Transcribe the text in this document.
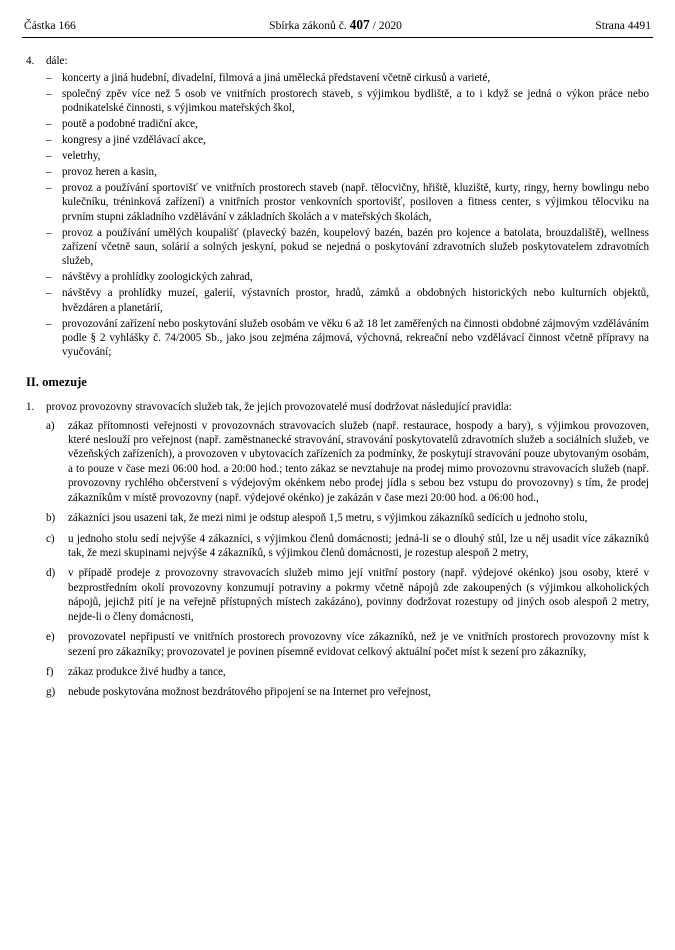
Částka 166	Sbírka zákonů č. 407 / 2020	Strana 4491
4.	dále:
– koncerty a jiná hudební, divadelní, filmová a jiná umělecká představení včetně cirkusů a varieté,
– společný zpěv více než 5 osob ve vnitřních prostorech staveb, s výjimkou bydliště, a to i když se jedná o výkon práce nebo podnikatelské činnosti, s výjimkou mateřských škol,
– poutě a podobné tradiční akce,
– kongresy a jiné vzdělávací akce,
– veletrhy,
– provoz heren a kasin,
– provoz a používání sportovišť ve vnitřních prostorech staveb (např. tělocvičny, hřiště, kluziště, kurty, ringy, herny bowlingu nebo kulečníku, tréninková zařízení) a vnitřních prostor venkovních sportovišť, posiloven a fitness center, s výjimkou tělocviku na prvním stupni základního vzdělávání v základních školách a v mateřských školách,
– provoz a používání umělých koupališť (plavecký bazén, koupelový bazén, bazén pro kojence a batolata, brouzdaliště), wellness zařízení včetně saun, solárií a solných jeskyní, pokud se nejedná o poskytování zdravotních služeb poskytovatelem zdravotních služeb,
– návštěvy a prohlídky zoologických zahrad,
– návštěvy a prohlídky muzeí, galerií, výstavních prostor, hradů, zámků a obdobných historických nebo kulturních objektů, hvězdáren a planetárií,
– provozování zařízení nebo poskytování služeb osobám ve věku 6 až 18 let zaměřených na činnosti obdobné zájmovým vzděláváním podle § 2 vyhlášky č. 74/2005 Sb., jako jsou zejména zájmová, výchovná, rekreační nebo vzdělávací činnost včetně přípravy na vyučování;
II. omezuje
1.	provoz provozovny stravovacích služeb tak, že jejich provozovatelé musí dodržovat následující pravidla:
a)	zákaz přítomnosti veřejnosti v provozovnách stravovacích služeb (např. restaurace, hospody a bary), s výjimkou provozoven, které neslouží pro veřejnost (např. zaměstnanecké stravování, stravování poskytovatelů zdravotních služeb a sociálních služeb, ve vězeňských zařízeních), a provozoven v ubytovacích zařízeních za podmínky, že poskytují stravování pouze ubytovaným osobám, a to pouze v čase mezi 06:00 hod. a 20:00 hod.; tento zákaz se nevztahuje na prodej mimo provozovnu stravovacích služeb (např. provozovny rychlého občerstvení s výdejovým okénkem nebo prodej jídla s sebou bez vstupu do provozovny) s tím, že prodej zákazníkům v místě provozovny (např. výdejové okénko) je zakázán v čase mezi 20:00 hod. a 06:00 hod.,
b)	zákazníci jsou usazeni tak, že mezi nimi je odstup alespoň 1,5 metru, s výjimkou zákazníků sedících u jednoho stolu,
c)	u jednoho stolu sedí nejvýše 4 zákazníci, s výjimkou členů domácnosti; jedná-li se o dlouhý stůl, lze u něj usadit více zákazníků tak, že mezi skupinami nejvýše 4 zákazníků, s výjimkou členů domácnosti, je rozestup alespoň 2 metry,
d)	v případě prodeje z provozovny stravovacích služeb mimo její vnitřní postory (např. výdejové okénko) jsou osoby, které v bezprostředním okolí provozovny konzumují potraviny a pokrmy včetně nápojů zde zakoupených (s výjimkou alkoholických nápojů, jejichž pití je na veřejně přístupných místech zakázáno), povinny dodržovat rozestupy od jiných osob alespoň 2 metry, nejde-li o členy domácnosti,
e)	provozovatel nepřipustí ve vnitřních prostorech provozovny více zákazníků, než je ve vnitřních prostorech provozovny míst k sezení pro zákazníky; provozovatel je povinen písemně evidovat celkový aktuální počet míst k sezení pro zákazníky,
f)	zákaz produkce živé hudby a tance,
g)	nebude poskytována možnost bezdrátového připojení se na Internet pro veřejnost,
